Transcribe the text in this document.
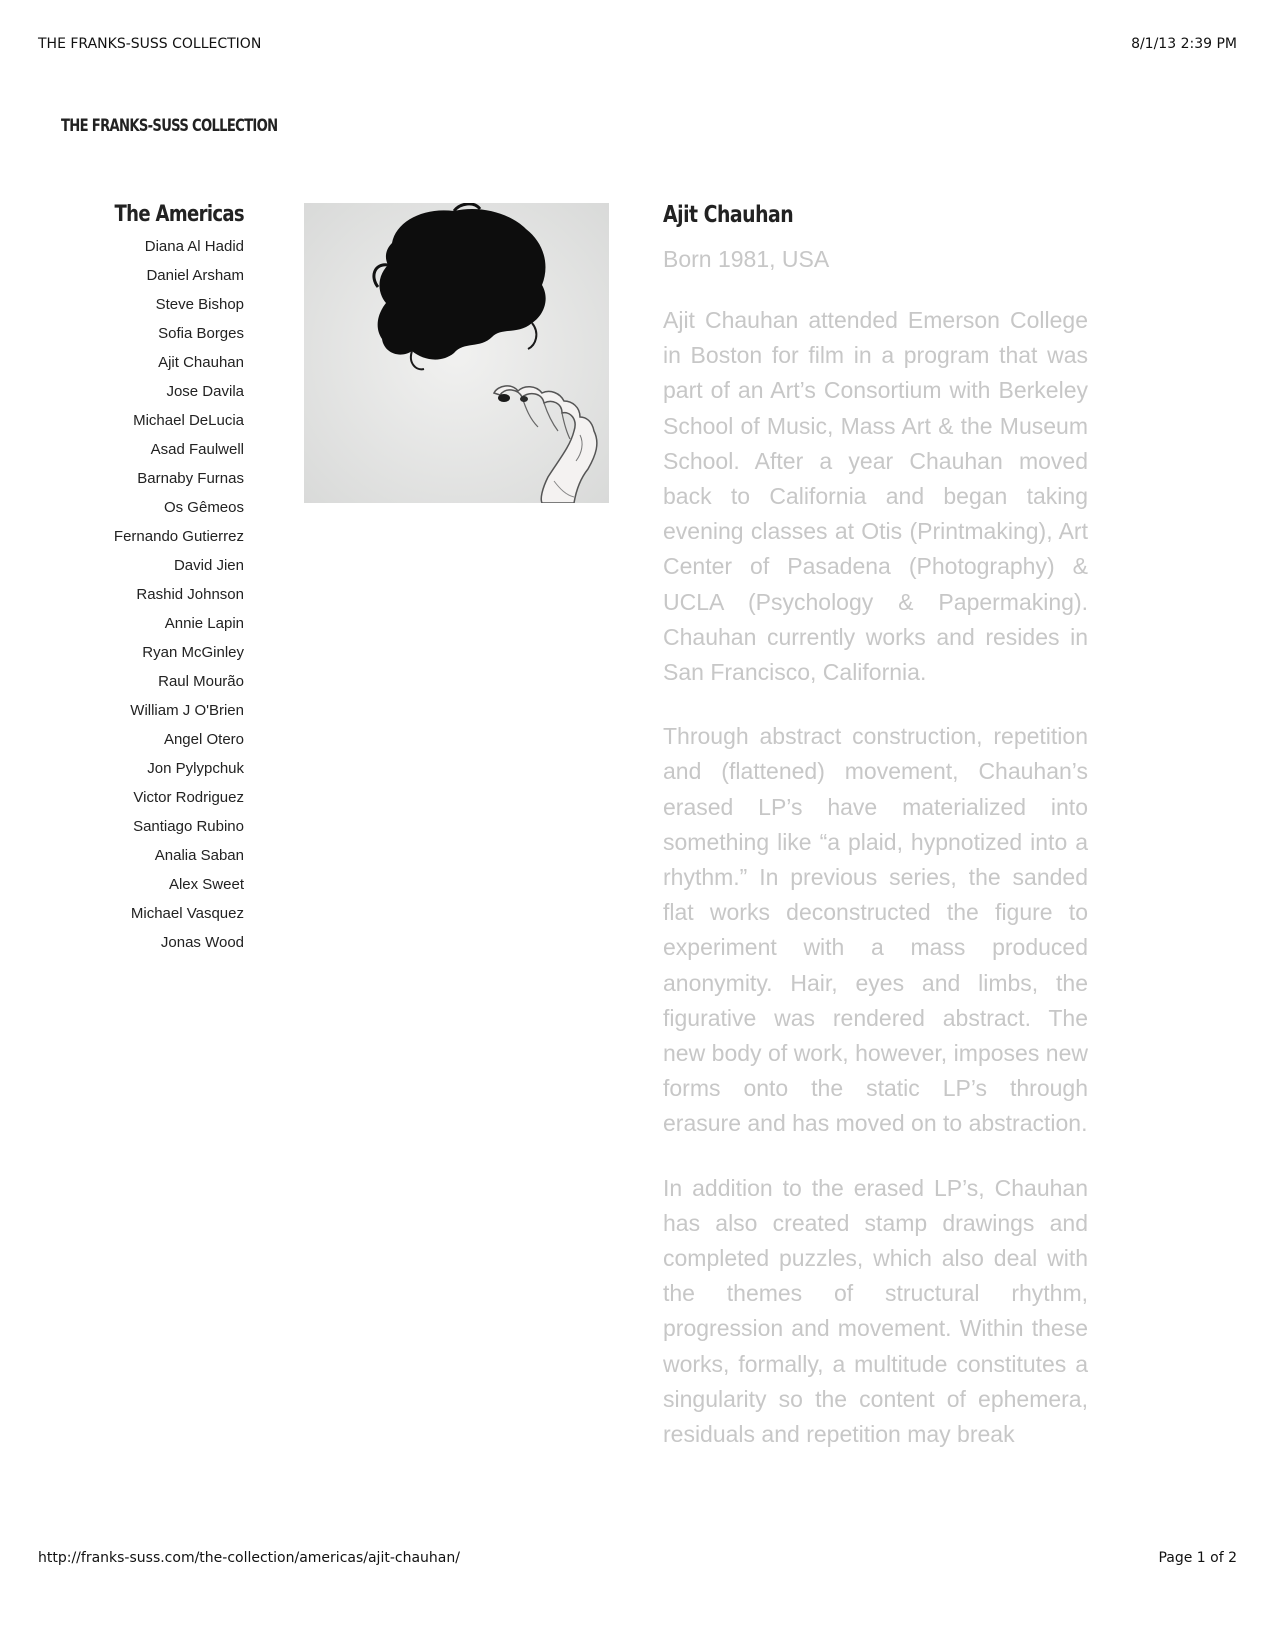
THE FRANKS-SUSS COLLECTION	8/1/13 2:39 PM
THE FRANKS-SUSS COLLECTION
The Americas
Diana Al Hadid
Daniel Arsham
Steve Bishop
Sofia Borges
Ajit Chauhan
Jose Davila
Michael DeLucia
Asad Faulwell
Barnaby Furnas
Os Gêmeos
Fernando Gutierrez
David Jien
Rashid Johnson
Annie Lapin
Ryan McGinley
Raul Mourão
William J O'Brien
Angel Otero
Jon Pylypchuk
Victor Rodriguez
Santiago Rubino
Analia Saban
Alex Sweet
Michael Vasquez
Jonas Wood
Ajit Chauhan
Born 1981, USA

Ajit Chauhan attended Emerson College in Boston for film in a program that was part of an Art’s Consortium with Berkeley School of Music, Mass Art & the Museum School. After a year Chauhan moved back to California and began taking evening classes at Otis (Printmaking), Art Center of Pasadena (Photography) & UCLA (Psychology & Papermaking). Chauhan currently works and resides in San Francisco, California.

Through abstract construction, repetition and (flattened) movement, Chauhan’s erased LP’s have materialized into something like “a plaid, hypnotized into a rhythm.” In previous series, the sanded flat works deconstructed the figure to experiment with a mass produced anonymity. Hair, eyes and limbs, the figurative was rendered abstract. The new body of work, however, imposes new forms onto the static LP’s through erasure and has moved on to abstraction.

In addition to the erased LP’s, Chauhan has also created stamp drawings and completed puzzles, which also deal with the themes of structural rhythm, progression and movement. Within these works, formally, a multitude constitutes a singularity so the content of ephemera, residuals and repetition may break

http://franks-suss.com/the-collection/americas/ajit-chauhan/	Page 1 of 2
